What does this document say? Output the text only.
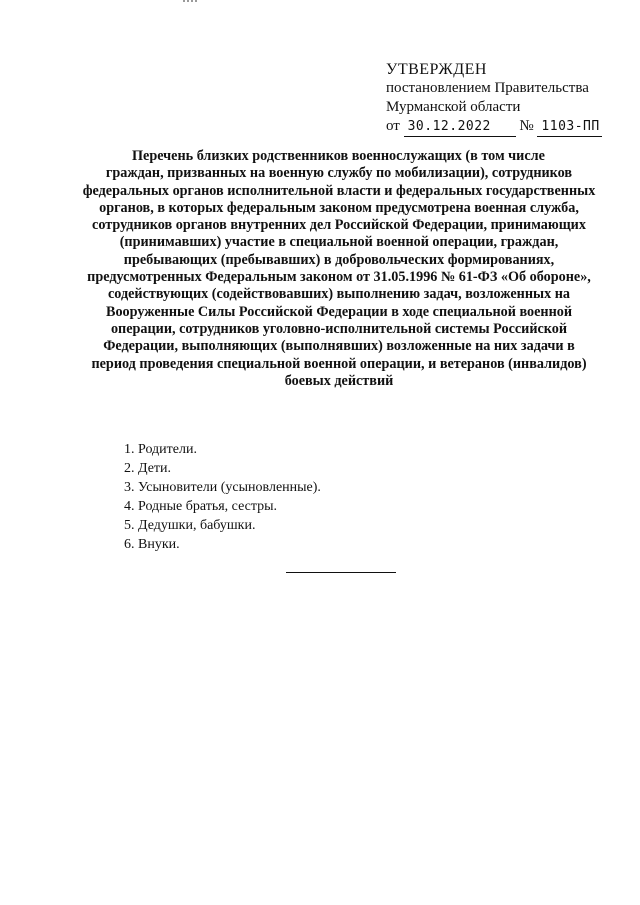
УТВЕРЖДЕН
постановлением Правительства
Мурманской области
от 30.12.2022 № 1103-ПП
Перечень близких родственников военнослужащих (в том числе
граждан, призванных на военную службу по мобилизации), сотрудников федеральных органов исполнительной власти и федеральных государственных органов, в которых федеральным законом предусмотрена военная служба, сотрудников органов внутренних дел Российской Федерации, принимающих (принимавших) участие в специальной военной операции, граждан, пребывающих (пребывавших) в добровольческих формированиях, предусмотренных Федеральным законом от 31.05.1996 № 61-ФЗ «Об обороне», содействующих (содействовавших) выполнению задач, возложенных на Вооруженные Силы Российской Федерации в ходе специальной военной операции, сотрудников уголовно-исполнительной системы Российской Федерации, выполняющих (выполнявших) возложенные на них задачи в период проведения специальной военной операции, и ветеранов (инвалидов) боевых действий
1. Родители.
2. Дети.
3. Усыновители (усыновленные).
4. Родные братья, сестры.
5. Дедушки, бабушки.
6. Внуки.
